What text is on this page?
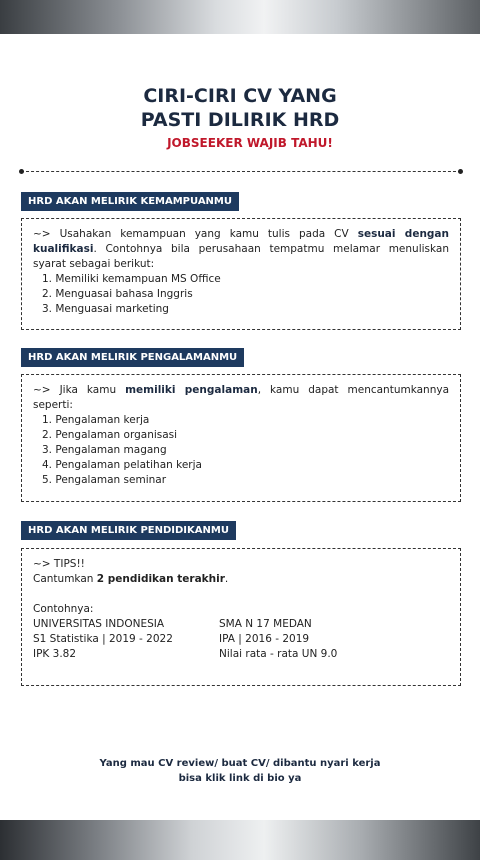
CIRI-CIRI CV YANG
PASTI DILIRIK HRD
JOBSEEKER WAJIB TAHU!
HRD AKAN MELIRIK KEMAMPUANMU

~> Usahakan kemampuan yang kamu tulis pada CV sesuai dengan kualifikasi. Contohnya bila perusahaan tempatmu melamar menuliskan syarat sebagai berikut:

1. Memiliki kemampuan MS Office
2. Menguasai bahasa Inggris
3. Menguasai marketing
HRD AKAN MELIRIK PENGALAMANMU

~> Jika kamu memiliki pengalaman, kamu dapat mencantumkannya seperti:

1. Pengalaman kerja
2. Pengalaman organisasi
3. Pengalaman magang
4. Pengalaman pelatihan kerja
5. Pengalaman seminar
HRD AKAN MELIRIK PENDIDIKANMU
~> TIPS!!
Cantumkan 2 pendidikan terakhir.
Contohnya:
UNIVERSITAS INDONESIA
S1 Statistika | 2019 - 2022
IPK 3.82
SMA N 17 MEDAN
IPA | 2016 - 2019
Nilai rata - rata UN 9.0
Yang mau CV review/ buat CV/ dibantu nyari kerja
bisa klik link di bio ya
